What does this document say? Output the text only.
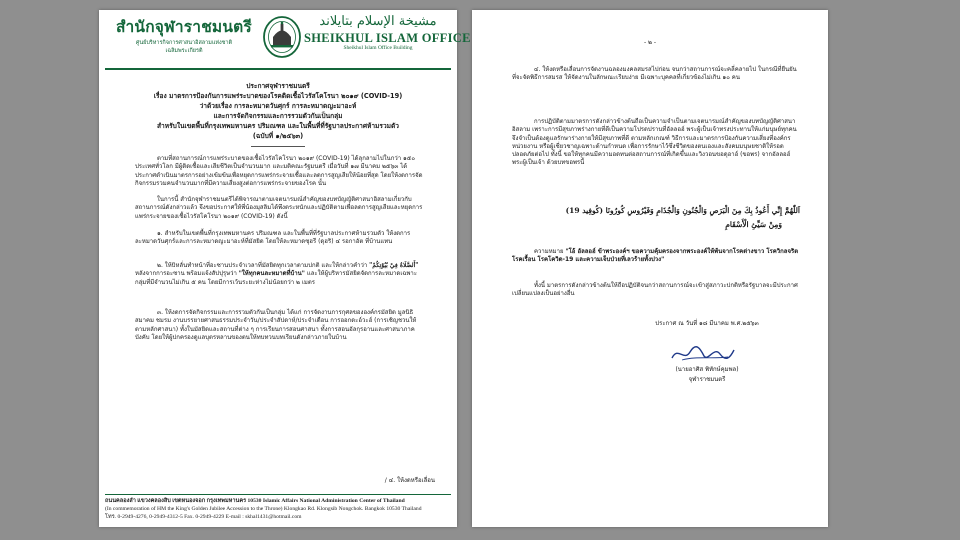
สำนักจุฬาราชมนตรี
ศูนย์บริหารกิจการศาสนาอิสลามแห่งชาติ
เฉลิมพระเกียรติ
مشيخة الإسلام بتايلاند
SHEIKHUL ISLAM OFFICE
Sheikhul Islam Office Building
ประกาศจุฬาราชมนตรี
เรื่อง มาตรการป้องกันการแพร่ระบาดของโรคติดเชื้อไวรัสโคโรนา ๒๐๑๙ (COVID-19)
ว่าด้วยเรื่อง การละหมาดวันศุกร์ การละหมาดญะมาอะห์
และการจัดกิจกรรมและการรวมตัวกันเป็นกลุ่ม
สำหรับในเขตพื้นที่กรุงเทพมหานคร ปริมณฑล และในพื้นที่ที่รัฐบาลประกาศห้ามรวมตัว
(ฉบับที่ ๑/๒๕๖๓)
ตามที่สถานการณ์การแพร่ระบาดของเชื้อไวรัสโคโรนา ๒๐๑๙ (COVID-19) ได้ลุกลามไปในกว่า ๑๕๐ ประเทศทั่วโลก มีผู้ติดเชื้อและเสียชีวิตเป็นจำนวนมาก และมติคณะรัฐมนตรี เมื่อวันที่ ๑๗ มีนาคม ๒๕๖๓ ได้ประกาศดำเนินมาตรการอย่างเข้มข้นเพื่อหยุดการแพร่กระจายเชื้อและลดการสูญเสียให้น้อยที่สุด โดยให้งดการจัดกิจกรรมรวมคนจำนวนมากที่มีความเสี่ยงสูงต่อการแพร่กระจายของโรค นั้น
ในการนี้ สำนักจุฬาราชมนตรีได้พิจารณาตามเจตนารมณ์สำคัญของบทบัญญัติศาสนาอิสลามเกี่ยวกับสถานการณ์ดังกล่าวแล้ว จึงขอประกาศให้พี่น้องมุสลิมได้พึงตระหนักและปฏิบัติตามเพื่อลดการสูญเสียและหยุดการแพร่กระจายของเชื้อไวรัสโคโรนา ๒๐๑๙ (COVID-19) ดังนี้
๑. สำหรับในเขตพื้นที่กรุงเทพมหานคร ปริมณฑล และในพื้นที่ที่รัฐบาลประกาศห้ามรวมตัว ให้งดการละหมาดวันศุกร์และการละหมาดญะมาอะห์ที่มัสยิด โดยให้ละหมาดซุฮรี (ดุฮริ) ๔ รอกาอัต ที่บ้านแทน
๒. ให้บิหลั่นทำหน้าที่อะซานประจำเวลาที่มัสยิดทุกเวลาตามปกติ และให้กล่าวคำว่า "أَلصَّلَاةُ فِيْ بُيُوْتِكُمْ" หลังจากการอะซาน พร้อมแจ้งสัปปุรุษว่า "ให้ทุกคนละหมาดที่บ้าน" และให้ผู้บริหารมัสยิดจัดการละหมาดเฉพาะกลุ่มที่มีจำนวนไม่เกิน ๕ คน โดยมีการเว้นระยะห่างไม่น้อยกว่า ๒ เมตร
๓. ให้งดการจัดกิจกรรมและการรวมตัวกันเป็นกลุ่ม ได้แก่ การจัดงานการกุศลขององค์กรมัสยิด มูลนิธิ สมาคม ชมรม งานบรรยายศาสนธรรมประจำวัน/ประจำสัปดาห์/ประจำเดือน การออกดะอ์วะฮ์ (การเชิญชวนให้ตามหลักศาสนา) ทั้งในมัสยิดและสถานที่ต่าง ๆ การเรียนการสอนศาสนา ทั้งการสอนอัลกุรอานและศาสนาภาคบังคับ โดยให้ผู้ปกครองดูแลบุตรหลานของตนให้ทบทวนบทเรียนดังกล่าวภายในบ้าน
/ ๔. ให้งดหรือเลื่อน
ถนนคลองลำ แขวงคลองสิบ เขตหนองจอก กรุงเทพมหานคร 10530 Islamic Affairs National Administration Center of Thailand
(In commemoration of HM the King's Golden Jubilee Accession to the Throne) Klongkao Rd. Klongsib Nongchok. Bangkok 10530 Thailand
โทร. 0-2949-4276, 0-2949-4312-5 Fax. 0-2949-4229 E-mail : skhal1431@hotmail.com
- ๒ -
๔. ให้งดหรือเลื่อนการจัดงานฉลองมงคลสมรสไปก่อน จนกว่าสถานการณ์จะคลี่คลายไป ในกรณีที่ยืนยันที่จะจัดพิธีการสมรส ให้จัดงานในลักษณะเรียบง่าย มีเฉพาะบุคคลที่เกี่ยวข้องไม่เกิน ๑๐ คน
การปฏิบัติตามมาตรการดังกล่าวข้างต้นถือเป็นความจำเป็นตามเจตนารมณ์สำคัญของบทบัญญัติศาสนาอิสลาม เพราะการมีสุขภาพร่างกายที่ดีเป็นความโปรดปรานที่อัลลอฮ์ พระผู้เป็นเจ้าทรงประทานให้แก่มนุษย์ทุกคน จึงจำเป็นต้องดูแลรักษาร่างกายให้มีสุขภาพที่ดี ตามหลักเกณฑ์ วิธีการและมาตรการป้องกันความเสี่ยงที่องค์กร หน่วยงาน หรือผู้เชี่ยวชาญเฉพาะด้านกำหนด เพื่อการรักษาไว้ซึ่งชีวิตของตนเองและสังคมมนุษยชาติให้รอดปลอดภัยต่อไป ทั้งนี้ ขอให้ทุกคนมีความอดทนต่อสถานการณ์ที่เกิดขึ้นและวิงวอนขอดุอาอ์ (ขอพร) จากอัลลอฮ์ พระผู้เป็นเจ้า ด้วยบทขอพรนี้
اَللّٰهُمَّ إِنِّي أَعُوذُ بِكَ مِنَ الْبَرَصِ وَالْجُنُونِ وَالْجُذَامِ وَفَيْرُوسِ كُورُونَا (كُوفِيد 19)
وَمِنْ سَيِّئِ الْأَسْقَامِ
ความหมาย "โอ้ อัลลอฮ์ ข้าพระองค์ฯ ขอความคุ้มครองจากพระองค์ให้พ้นจากโรคด่างขาว โรควิกลจริต โรคเรื้อน โรคโควิด-19 และความเจ็บป่วยที่เลวร้ายทั้งปวง"
ทั้งนี้ มาตรการดังกล่าวข้างต้นให้ถือปฏิบัติจนกว่าสถานการณ์จะเข้าสู่สภาวะปกติหรือรัฐบาลจะมีประกาศเปลี่ยนแปลงเป็นอย่างอื่น
ประกาศ ณ วันที่ ๑๘ มีนาคม พ.ศ.๒๕๖๓
(นายอาศิส พิทักษ์คุมพล)
จุฬาราชมนตรี
